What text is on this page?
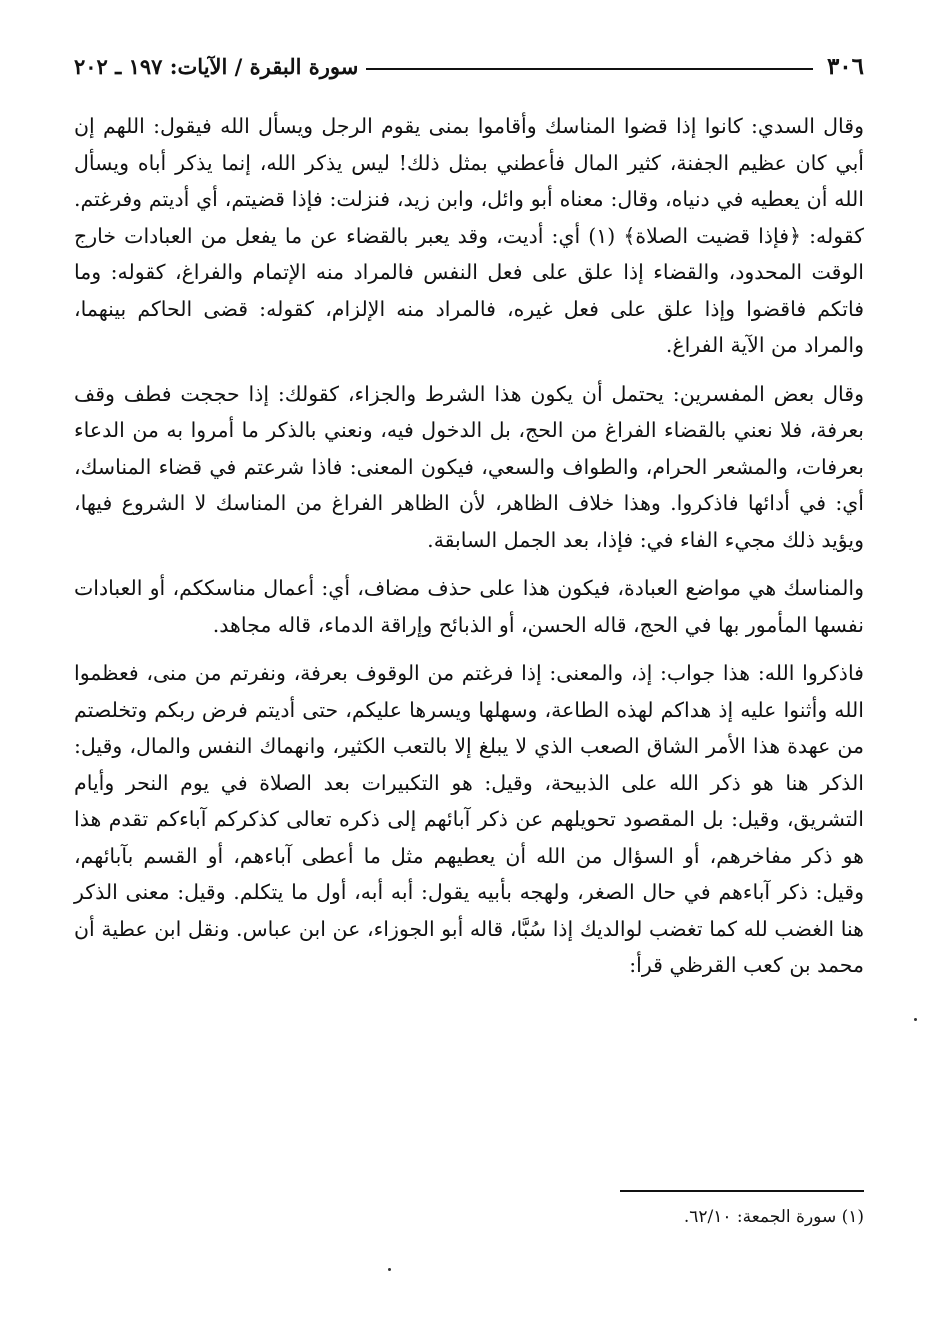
٣٠٦
سورة البقرة / الآيات: ١٩٧ ـ ٢٠٢

وقال السدي: كانوا إذا قضوا المناسك وأقاموا بمنى يقوم الرجل ويسأل الله فيقول: اللهم إن أبي كان عظيم الجفنة، كثير المال فأعطني بمثل ذلك! ليس يذكر الله، إنما يذكر أباه ويسأل الله أن يعطيه في دنياه، وقال: معناه أبو وائل، وابن زيد، فنزلت: فإذا قضيتم، أي أديتم وفرغتم. كقوله: ﴿فإذا قضيت الصلاة﴾ (١) أي: أديت، وقد يعبر بالقضاء عن ما يفعل من العبادات خارج الوقت المحدود، والقضاء إذا علق على فعل النفس فالمراد منه الإتمام والفراغ، كقوله: وما فاتكم فاقضوا وإذا علق على فعل غيره، فالمراد منه الإلزام، كقوله: قضى الحاكم بينهما، والمراد من الآية الفراغ.

وقال بعض المفسرين: يحتمل أن يكون هذا الشرط والجزاء، كقولك: إذا حججت فطف وقف بعرفة، فلا نعني بالقضاء الفراغ من الحج، بل الدخول فيه، ونعني بالذكر ما أمروا به من الدعاء بعرفات، والمشعر الحرام، والطواف والسعي، فيكون المعنى: فاذا شرعتم في قضاء المناسك، أي: في أدائها فاذكروا. وهذا خلاف الظاهر، لأن الظاهر الفراغ من المناسك لا الشروع فيها، ويؤيد ذلك مجيء الفاء في: فإذا، بعد الجمل السابقة.

والمناسك هي مواضع العبادة، فيكون هذا على حذف مضاف، أي: أعمال مناسككم، أو العبادات نفسها المأمور بها في الحج، قاله الحسن، أو الذبائح وإراقة الدماء، قاله مجاهد.

فاذكروا الله: هذا جواب: إذ، والمعنى: إذا فرغتم من الوقوف بعرفة، ونفرتم من منى، فعظموا الله وأثنوا عليه إذ هداكم لهذه الطاعة، وسهلها ويسرها عليكم، حتى أديتم فرض ربكم وتخلصتم من عهدة هذا الأمر الشاق الصعب الذي لا يبلغ إلا بالتعب الكثير، وانهماك النفس والمال، وقيل: الذكر هنا هو ذكر الله على الذبيحة، وقيل: هو التكبيرات بعد الصلاة في يوم النحر وأيام التشريق، وقيل: بل المقصود تحويلهم عن ذكر آبائهم إلى ذكره تعالى كذكركم آباءكم تقدم هذا هو ذكر مفاخرهم، أو السؤال من الله أن يعطيهم مثل ما أعطى آباءهم، أو القسم بآبائهم، وقيل: ذكر آباءهم في حال الصغر، ولهجه بأبيه يقول: أبه أبه، أول ما يتكلم. وقيل: معنى الذكر هنا الغضب لله كما تغضب لوالديك إذا سُبَّا، قاله أبو الجوزاء، عن ابن عباس. ونقل ابن عطية أن محمد بن كعب القرظي قرأ:

(١) سورة الجمعة: ٦٢/١٠.
